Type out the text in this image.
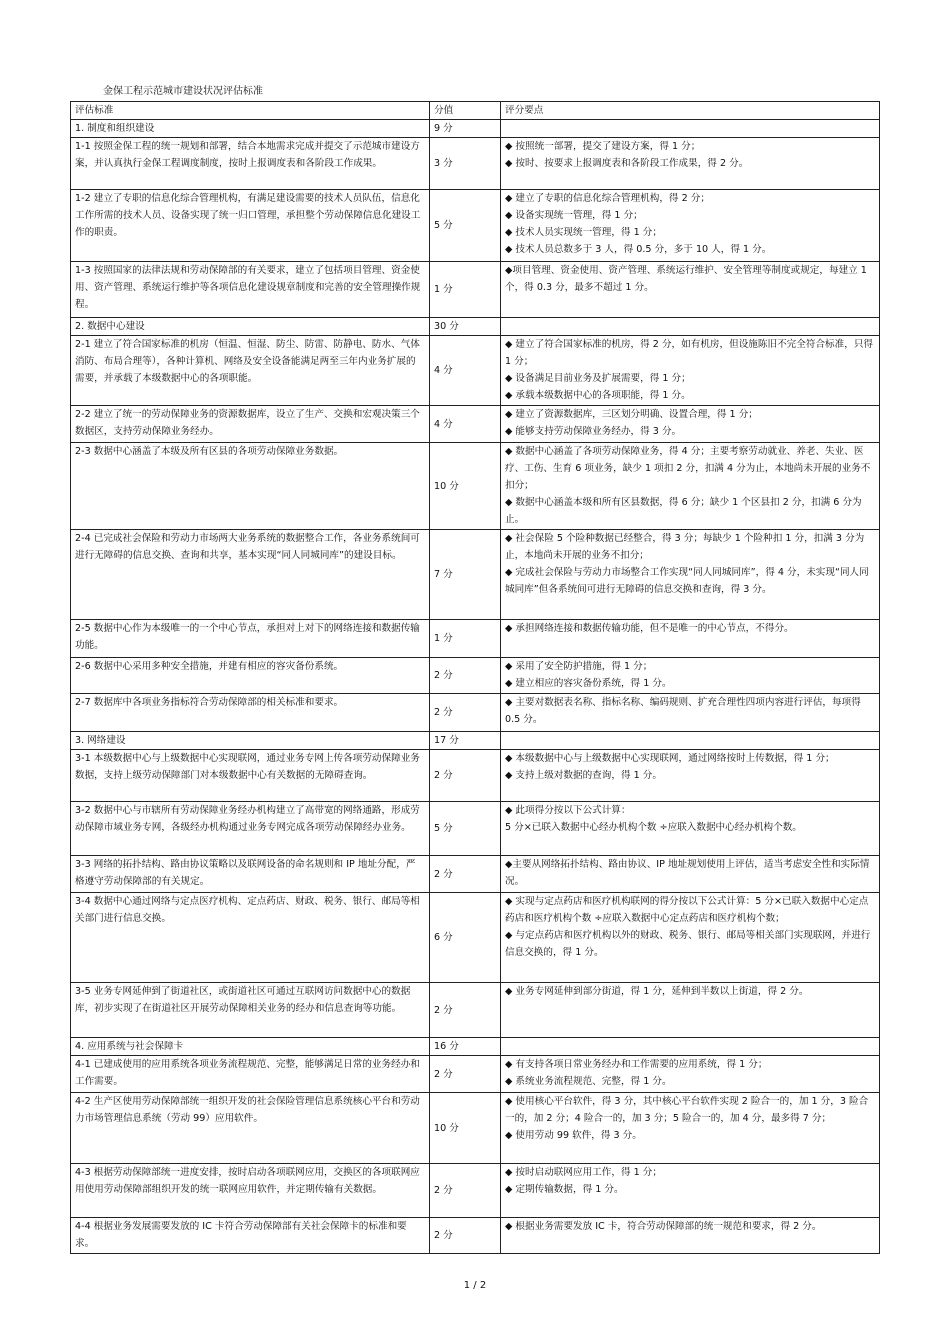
金保工程示范城市建设状况评估标准
评估标准	分值	评分要点
1. 制度和组织建设	9 分	
1-1 按照金保工程的统一规划和部署，结合本地需求完成并提交了示范城市建设方案，并认真执行金保工程调度制度，按时上报调度表和各阶段工作成果。	3 分	◆ 按照统一部署，提交了建设方案，得 1 分；
◆ 按时、按要求上报调度表和各阶段工作成果，得 2 分。

1-2 建立了专职的信息化综合管理机构，有满足建设需要的技术人员队伍，信息化工作所需的技术人员、设备实现了统一归口管理，承担整个劳动保障信息化建设工作的职责。	5 分	◆ 建立了专职的信息化综合管理机构，得 2 分；
◆ 设备实现统一管理，得 1 分；
◆ 技术人员实现统一管理，得 1 分；
◆ 技术人员总数多于 3 人，得 0.5 分，多于 10 人，得 1 分。

1-3 按照国家的法律法规和劳动保障部的有关要求，建立了包括项目管理、资金使用、资产管理、系统运行维护等各项信息化建设规章制度和完善的安全管理操作规程。	1 分	◆项目管理、资金使用、资产管理、系统运行维护、安全管理等制度或规定，每建立 1 个，得 0.3 分，最多不超过 1 分。

2. 数据中心建设	30 分	
2-1 建立了符合国家标准的机房（恒温、恒湿、防尘、防雷、防静电、防水、气体消防、布局合理等），各种计算机、网络及安全设备能满足两至三年内业务扩展的需要，并承载了本级数据中心的各项职能。	4 分	◆ 建立了符合国家标准的机房，得 2 分，如有机房，但设施陈旧不完全符合标准，只得 1 分；
◆ 设备满足目前业务及扩展需要，得 1 分；
◆ 承载本级数据中心的各项职能，得 1 分。

2-2 建立了统一的劳动保障业务的资源数据库，设立了生产、交换和宏观决策三个数据区，支持劳动保障业务经办。	4 分	◆ 建立了资源数据库，三区划分明确、设置合理，得 1 分；
◆ 能够支持劳动保障业务经办，得 3 分。

2-3 数据中心涵盖了本级及所有区县的各项劳动保障业务数据。	10 分	◆ 数据中心涵盖了各项劳动保障业务，得 4 分；主要考察劳动就业、养老、失业、医疗、工伤、生育 6 项业务，缺少 1 项扣 2 分，扣满 4 分为止，本地尚未开展的业务不扣分；
◆ 数据中心涵盖本级和所有区县数据，得 6 分；缺少 1 个区县扣 2 分，扣满 6 分为止。

2-4 已完成社会保险和劳动力市场两大业务系统的数据整合工作，各业务系统间可进行无障碍的信息交换、查询和共享，基本实现“同人同城同库”的建设目标。	7 分	◆ 社会保险 5 个险种数据已经整合，得 3 分；每缺少 1 个险种扣 1 分，扣满 3 分为止，本地尚未开展的业务不扣分；
◆ 完成社会保险与劳动力市场整合工作实现“同人同城同库”，得 4 分，未实现“同人同城同库”但各系统间可进行无障碍的信息交换和查询，得 3 分。

2-5 数据中心作为本级唯一的一个中心节点，承担对上对下的网络连接和数据传输功能。	1 分	◆ 承担网络连接和数据传输功能，但不是唯一的中心节点，不得分。

2-6 数据中心采用多种安全措施，并建有相应的容灾备份系统。	2 分	◆ 采用了安全防护措施，得 1 分；
◆ 建立相应的容灾备份系统，得 1 分。

2-7 数据库中各项业务指标符合劳动保障部的相关标准和要求。	2 分	◆ 主要对数据表名称、指标名称、编码规则、扩充合理性四项内容进行评估，每项得 0.5 分。

3. 网络建设	17 分	
3-1 本级数据中心与上级数据中心实现联网，通过业务专网上传各项劳动保障业务数据，支持上级劳动保障部门对本级数据中心有关数据的无障碍查询。	2 分	◆ 本级数据中心与上级数据中心实现联网，通过网络按时上传数据，得 1 分；
◆ 支持上级对数据的查询，得 1 分。

3-2 数据中心与市辖所有劳动保障业务经办机构建立了高带宽的网络通路，形成劳动保障市域业务专网，各级经办机构通过业务专网完成各项劳动保障经办业务。	5 分	◆ 此项得分按以下公式计算：
5 分×已联入数据中心经办机构个数 ÷应联入数据中心经办机构个数。

3-3 网络的拓扑结构、路由协议策略以及联网设备的命名规则和 IP 地址分配，严格遵守劳动保障部的有关规定。	2 分	◆主要从网络拓扑结构、路由协议、IP 地址规划使用上评估，适当考虑安全性和实际情况。

3-4 数据中心通过网络与定点医疗机构、定点药店、财政、税务、银行、邮局等相关部门进行信息交换。	6 分	◆ 实现与定点药店和医疗机构联网的得分按以下公式计算：5 分×已联入数据中心定点药店和医疗机构个数 ÷应联入数据中心定点药店和医疗机构个数；
◆ 与定点药店和医疗机构以外的财政、税务、银行、邮局等相关部门实现联网，并进行信息交换的，得 1 分。

3-5 业务专网延伸到了街道社区，或街道社区可通过互联网访问数据中心的数据库，初步实现了在街道社区开展劳动保障相关业务的经办和信息查询等功能。	2 分	◆ 业务专网延伸到部分街道，得 1 分，延伸到半数以上街道，得 2 分。

4. 应用系统与社会保障卡	16 分	
4-1 已建成使用的应用系统各项业务流程规范、完整，能够满足日常的业务经办和工作需要。	2 分	◆ 有支持各项日常业务经办和工作需要的应用系统，得 1 分；
◆ 系统业务流程规范、完整，得 1 分。

4-2 生产区使用劳动保障部统一组织开发的社会保险管理信息系统核心平台和劳动力市场管理信息系统（劳动 99）应用软件。	10 分	◆ 使用核心平台软件，得 3 分，其中核心平台软件实现 2 险合一的，加 1 分，3 险合一的，加 2 分；4 险合一的，加 3 分；5 险合一的，加 4 分，最多得 7 分；
◆ 使用劳动 99 软件，得 3 分。

4-3 根据劳动保障部统一进度安排，按时启动各项联网应用，交换区的各项联网应用使用劳动保障部组织开发的统一联网应用软件，并定期传输有关数据。	2 分	◆ 按时启动联网应用工作，得 1 分；
◆ 定期传输数据，得 1 分。

4-4 根据业务发展需要发放的 IC 卡符合劳动保障部有关社会保障卡的标准和要求。	2 分	◆ 根据业务需要发放 IC 卡，符合劳动保障部的统一规范和要求，得 2 分。
1 / 2
